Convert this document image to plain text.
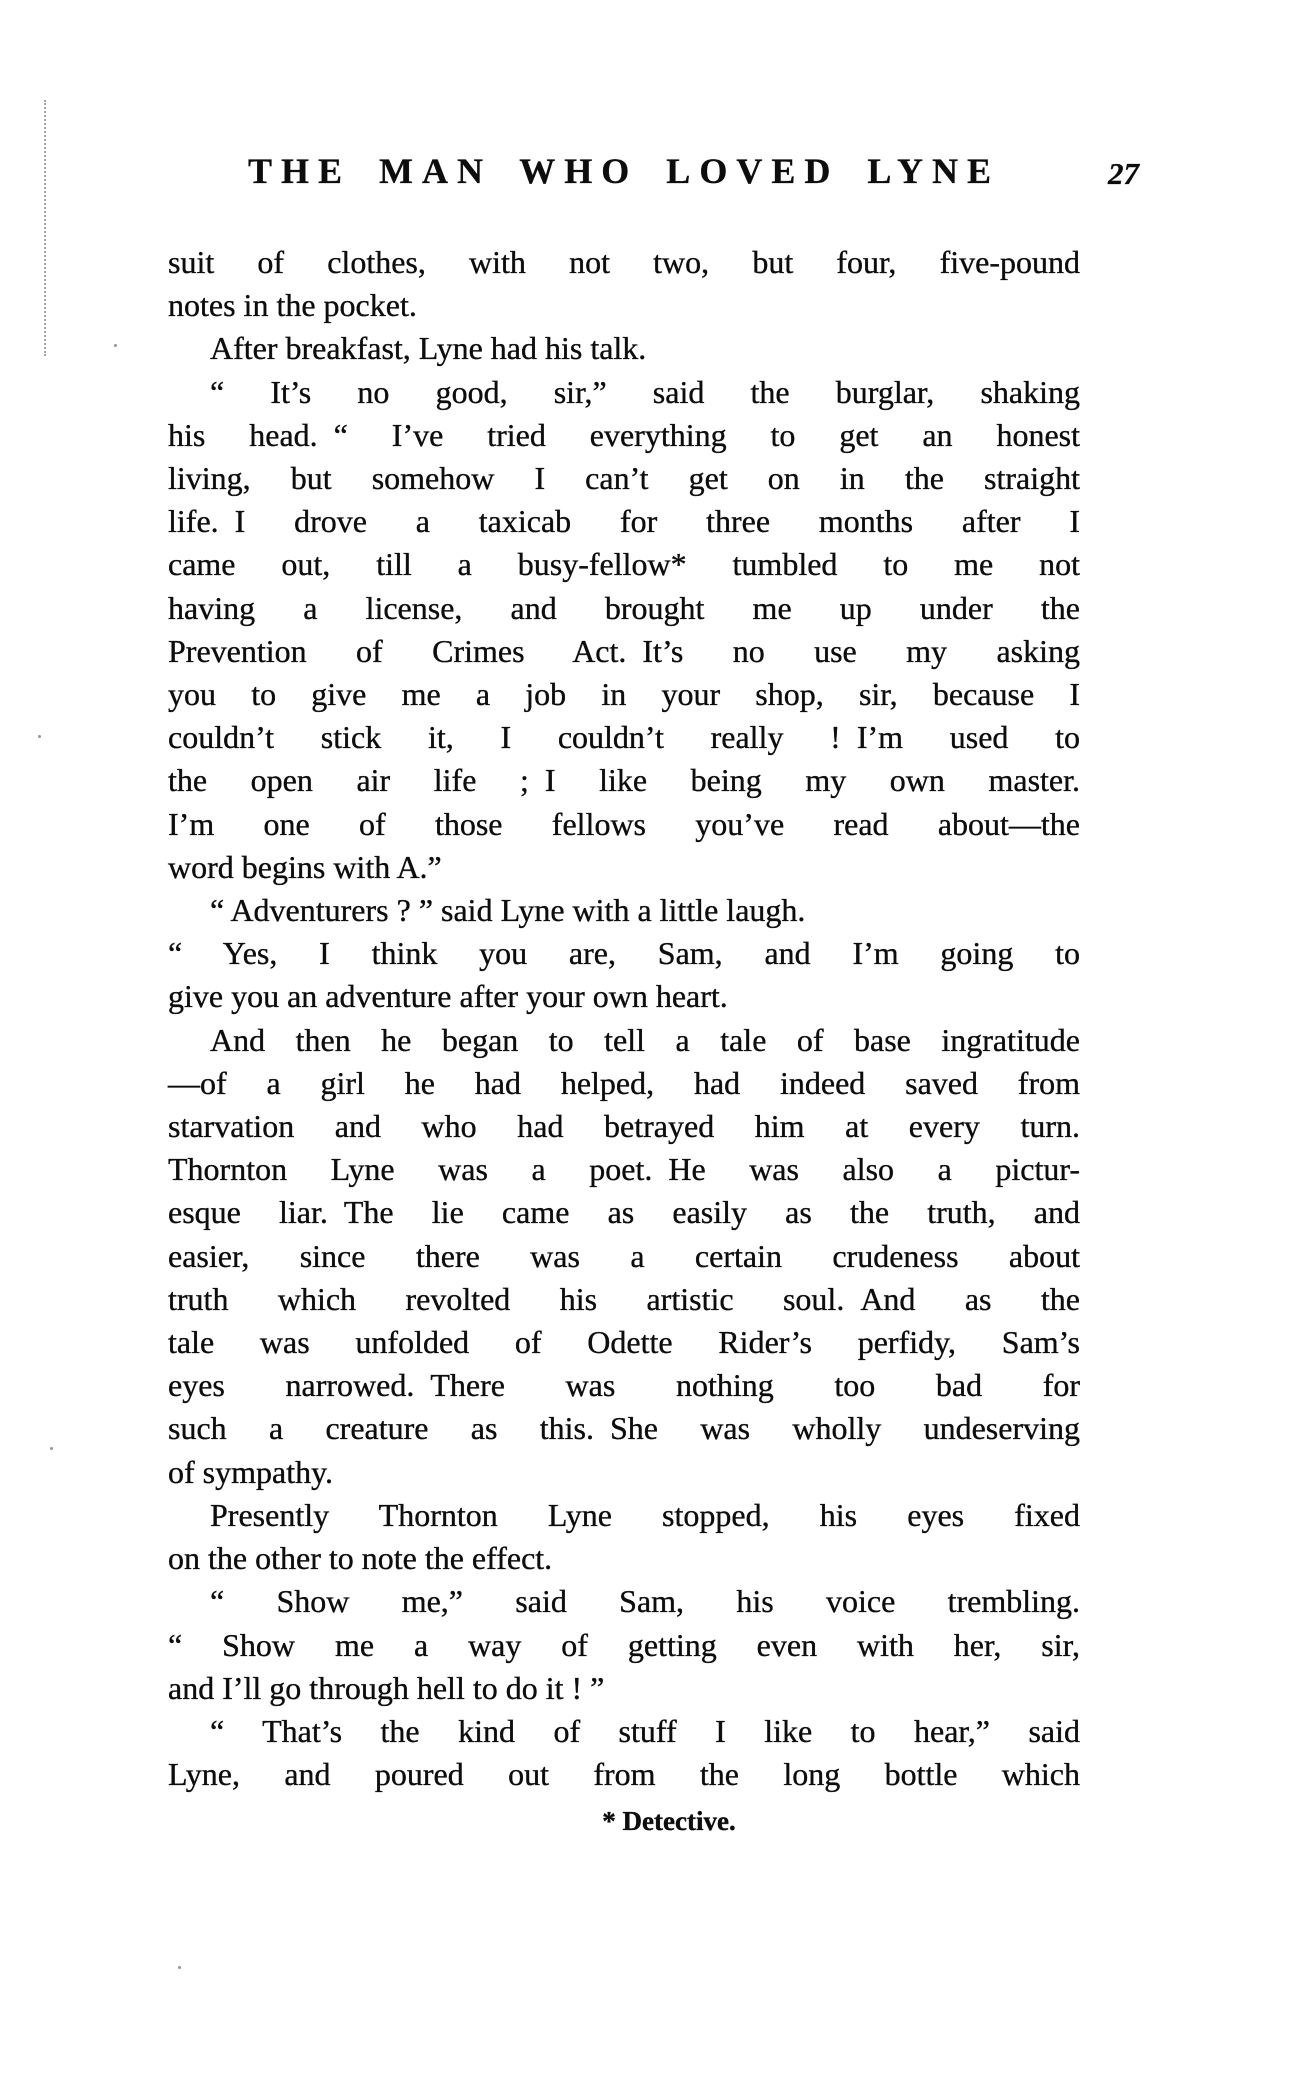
THE MAN WHO LOVED LYNE	27
suit of clothes, with not two, but four, five-pound
notes in the pocket.
After breakfast, Lyne had his talk.
“ It’s no good, sir,” said the burglar, shaking
his head. “ I’ve tried everything to get an honest
living, but somehow I can’t get on in the straight
life. I drove a taxicab for three months after I
came out, till a busy-fellow* tumbled to me not
having a license, and brought me up under the
Prevention of Crimes Act. It’s no use my asking
you to give me a job in your shop, sir, because I
couldn’t stick it, I couldn’t really ! I’m used to
the open air life ; I like being my own master.
I’m one of those fellows you’ve read about—the
word begins with A.”
“ Adventurers ? ” said Lyne with a little laugh.
“ Yes, I think you are, Sam, and I’m going to
give you an adventure after your own heart.
And then he began to tell a tale of base ingratitude
—of a girl he had helped, had indeed saved from
starvation and who had betrayed him at every turn.
Thornton Lyne was a poet. He was also a pictur-
esque liar. The lie came as easily as the truth, and
easier, since there was a certain crudeness about
truth which revolted his artistic soul. And as the
tale was unfolded of Odette Rider’s perfidy, Sam’s
eyes narrowed. There was nothing too bad for
such a creature as this. She was wholly undeserving
of sympathy.
Presently Thornton Lyne stopped, his eyes fixed
on the other to note the effect.
“ Show me,” said Sam, his voice trembling.
“ Show me a way of getting even with her, sir,
and I’ll go through hell to do it ! ”
“ That’s the kind of stuff I like to hear,” said
Lyne, and poured out from the long bottle which
* Detective.
